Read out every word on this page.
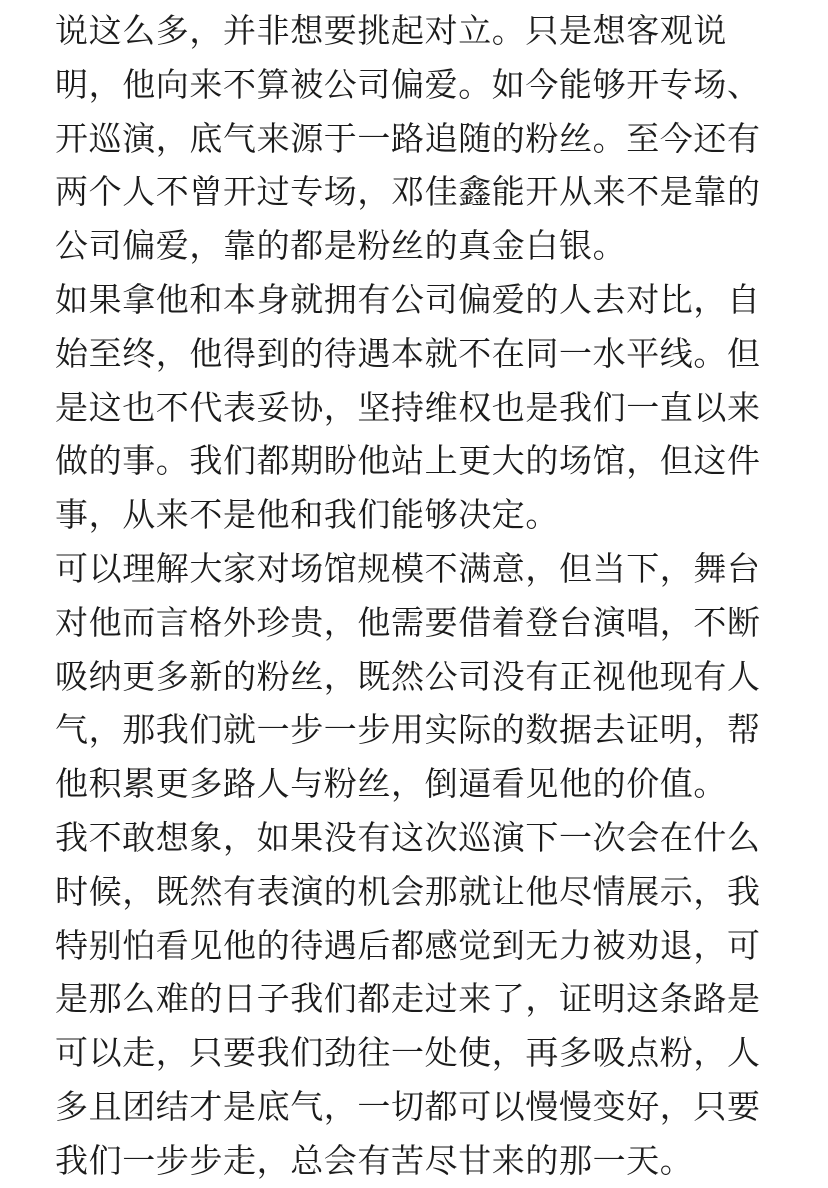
说这么多，并非想要挑起对立。只是想客观说
明，他向来不算被公司偏爱。如今能够开专场、
开巡演，底气来源于一路追随的粉丝。至今还有
两个人不曾开过专场，邓佳鑫能开从来不是靠的
公司偏爱，靠的都是粉丝的真金白银。
如果拿他和本身就拥有公司偏爱的人去对比，自
始至终，他得到的待遇本就不在同一水平线。但
是这也不代表妥协，坚持维权也是我们一直以来
做的事。我们都期盼他站上更大的场馆，但这件
事，从来不是他和我们能够决定。
可以理解大家对场馆规模不满意，但当下，舞台
对他而言格外珍贵，他需要借着登台演唱，不断
吸纳更多新的粉丝，既然公司没有正视他现有人
气，那我们就一步一步用实际的数据去证明，帮
他积累更多路人与粉丝，倒逼看见他的价值。
我不敢想象，如果没有这次巡演下一次会在什么
时候，既然有表演的机会那就让他尽情展示，我
特别怕看见他的待遇后都感觉到无力被劝退，可
是那么难的日子我们都走过来了，证明这条路是
可以走，只要我们劲往一处使，再多吸点粉，人
多且团结才是底气，一切都可以慢慢变好，只要
我们一步步走，总会有苦尽甘来的那一天。
